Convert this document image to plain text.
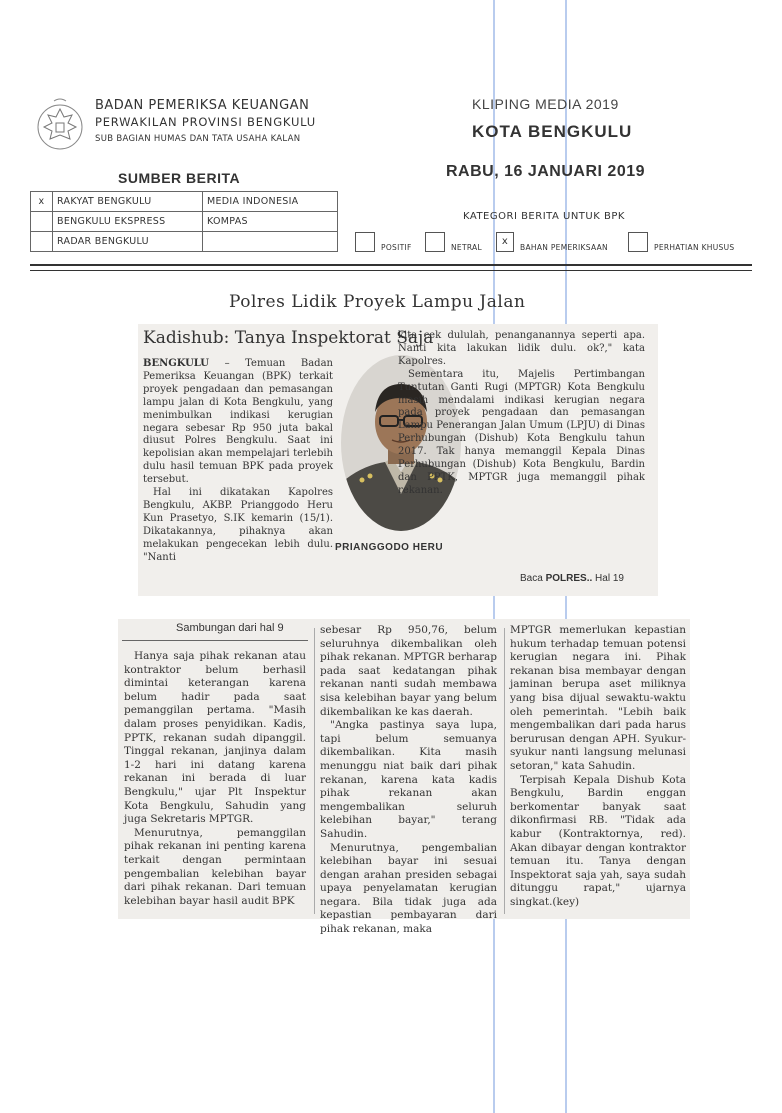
BADAN PEMERIKSA KEUANGAN
PERWAKILAN PROVINSI BENGKULU
SUB BAGIAN HUMAS DAN TATA USAHA KALAN
KLIPING MEDIA 2019
KOTA BENGKULU
RABU, 16 JANUARI 2019
SUMBER BERITA
x	RAKYAT BENGKULU	MEDIA INDONESIA
	BENGKULU EKSPRESS	KOMPAS
	RADAR BENGKULU	
KATEGORI BERITA UNTUK BPK
POSITIF	NETRAL
x
BAHAN PEMERIKSAAN	PERHATIAN KHUSUS
Polres Lidik Proyek Lampu Jalan
Kadishub: Tanya Inspektorat Saja

BENGKULU – Temuan Badan Pemeriksa Keuangan (BPK) terkait proyek pengadaan dan pemasangan lampu jalan di Kota Bengkulu, yang menimbulkan indikasi kerugian negara sebesar Rp 950 juta bakal diusut Polres Bengkulu. Saat ini kepolisian akan mempelajari terlebih dulu hasil temuan BPK pada proyek tersebut.

Hal ini dikatakan Kapolres Bengkulu, AKBP. Prianggodo Heru Kun Prasetyo, S.IK kemarin (15/1). Dikatakannya, pihaknya akan melakukan pengecekan lebih dulu. "Nanti

PRIANGGODO HERU

kita cek dululah, penanganannya seperti apa. Nanti kita lakukan lidik dulu. ok?," kata Kapolres.

Sementara itu, Majelis Pertimbangan Tuntutan Ganti Rugi (MPTGR) Kota Bengkulu masih mendalami indikasi kerugian negara pada proyek pengadaan dan pemasangan Lampu Penerangan Jalan Umum (LPJU) di Dinas Perhubungan (Dishub) Kota Bengkulu tahun 2017. Tak hanya memanggil Kepala Dinas Perhubungan (Dishub) Kota Bengkulu, Bardin dan PPTK, MPTGR juga memanggil pihak rekanan.

Baca POLRES.. Hal 19
Sambungan dari hal 9

Hanya saja pihak rekanan atau kontraktor belum berhasil dimintai keterangan karena belum hadir pada saat pemanggilan pertama. "Masih dalam proses penyidikan. Kadis, PPTK, rekanan sudah dipanggil. Tinggal rekanan, janjinya dalam 1-2 hari ini datang karena rekanan ini berada di luar Bengkulu," ujar Plt Inspektur Kota Bengkulu, Sahudin yang juga Sekretaris MPTGR.

Menurutnya, pemanggilan pihak rekanan ini penting karena terkait dengan permintaan pengembalian kelebihan bayar dari pihak rekanan. Dari temuan kelebihan bayar hasil audit BPK

sebesar Rp 950,76, belum seluruhnya dikembalikan oleh pihak rekanan. MPTGR berharap pada saat kedatangan pihak rekanan nanti sudah membawa sisa kelebihan bayar yang belum dikembalikan ke kas daerah.

"Angka pastinya saya lupa, tapi belum semuanya dikembalikan. Kita masih menunggu niat baik dari pihak rekanan, karena kata kadis pihak rekanan akan mengembalikan seluruh kelebihan bayar," terang Sahudin.

Menurutnya, pengembalian kelebihan bayar ini sesuai dengan arahan presiden sebagai upaya penyelamatan kerugian negara. Bila tidak juga ada kepastian pembayaran dari pihak rekanan, maka

MPTGR memerlukan kepastian hukum terhadap temuan potensi kerugian negara ini. Pihak rekanan bisa membayar dengan jaminan berupa aset miliknya yang bisa dijual sewaktu-waktu oleh pemerintah. "Lebih baik mengembalikan dari pada harus berurusan dengan APH. Syukur-syukur nanti langsung melunasi setoran," kata Sahudin.

Terpisah Kepala Dishub Kota Bengkulu, Bardin enggan berkomentar banyak saat dikonfirmasi RB. "Tidak ada kabur (Kontraktornya, red). Akan dibayar dengan kontraktor temuan itu. Tanya dengan Inspektorat saja yah, saya sudah ditunggu rapat," ujarnya singkat.(key)
